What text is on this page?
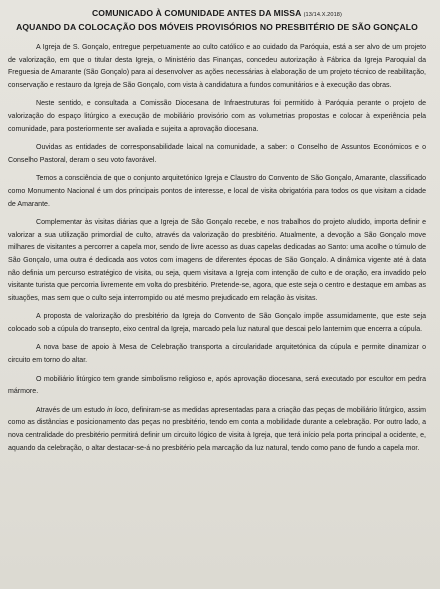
COMUNICADO À COMUNIDADE ANTES DA MISSA (13/14.X.2018)
AQUANDO DA COLOCAÇÃO DOS MÓVEIS PROVISÓRIOS NO PRESBITÉRIO DE SÃO GONÇALO

A Igreja de S. Gonçalo, entregue perpetuamente ao culto católico e ao cuidado da Paróquia, está a ser alvo de um projeto de valorização, em que o titular desta Igreja, o Ministério das Finanças, concedeu autorização à Fábrica da Igreja Paroquial da Freguesia de Amarante (São Gonçalo) para aí desenvolver as ações necessárias à elaboração de um projeto técnico de reabilitação, conservação e restauro da Igreja de São Gonçalo, com vista à candidatura a fundos comunitários e à execução das obras.

Neste sentido, e consultada a Comissão Diocesana de Infraestruturas foi permitido à Paróquia perante o projeto de valorização do espaço litúrgico a execução de mobiliário provisório com as volumetrias propostas e colocar à experiência pela comunidade, para posteriormente ser avaliada e sujeita a aprovação diocesana.

Ouvidas as entidades de corresponsabilidade laical na comunidade, a saber: o Conselho de Assuntos Económicos e o Conselho Pastoral, deram o seu voto favorável.

Temos a consciência de que o conjunto arquitetónico Igreja e Claustro do Convento de São Gonçalo, Amarante, classificado como Monumento Nacional é um dos principais pontos de interesse, e local de visita obrigatória para todos os que visitam a cidade de Amarante.

Complementar às visitas diárias que a Igreja de São Gonçalo recebe, e nos trabalhos do projeto aludido, importa definir e valorizar a sua utilização primordial de culto, através da valorização do presbitério. Atualmente, a devoção a São Gonçalo move milhares de visitantes a percorrer a capela mor, sendo de livre acesso as duas capelas dedicadas ao Santo: uma acolhe o túmulo de São Gonçalo, uma outra é dedicada aos votos com imagens de diferentes épocas de São Gonçalo. A dinâmica vigente até à data não definia um percurso estratégico de visita, ou seja, quem visitava a Igreja com intenção de culto e de oração, era invadido pelo visitante turista que percorria livremente em volta do presbitério. Pretende-se, agora, que este seja o centro e destaque em ambas as situações, mas sem que o culto seja interrompido ou até mesmo prejudicado em relação às visitas.

A proposta de valorização do presbitério da Igreja do Convento de São Gonçalo impõe assumidamente, que este seja colocado sob a cúpula do transepto, eixo central da Igreja, marcado pela luz natural que descai pelo lanternim que encerra a cúpula.

A nova base de apoio à Mesa de Celebração transporta a circularidade arquitetónica da cúpula e permite dinamizar o circuito em torno do altar.

O mobiliário litúrgico tem grande simbolismo religioso e, após aprovação diocesana, será executado por escultor em pedra mármore.

Através de um estudo in loco, definiram-se as medidas apresentadas para a criação das peças de mobiliário litúrgico, assim como as distâncias e posicionamento das peças no presbitério, tendo em conta a mobilidade durante a celebração. Por outro lado, a nova centralidade do presbitério permitirá definir um circuito lógico de visita à Igreja, que terá início pela porta principal a ocidente, e, aquando da celebração, o altar destacar-se-á no presbitério pela marcação da luz natural, tendo como pano de fundo a capela mor.
